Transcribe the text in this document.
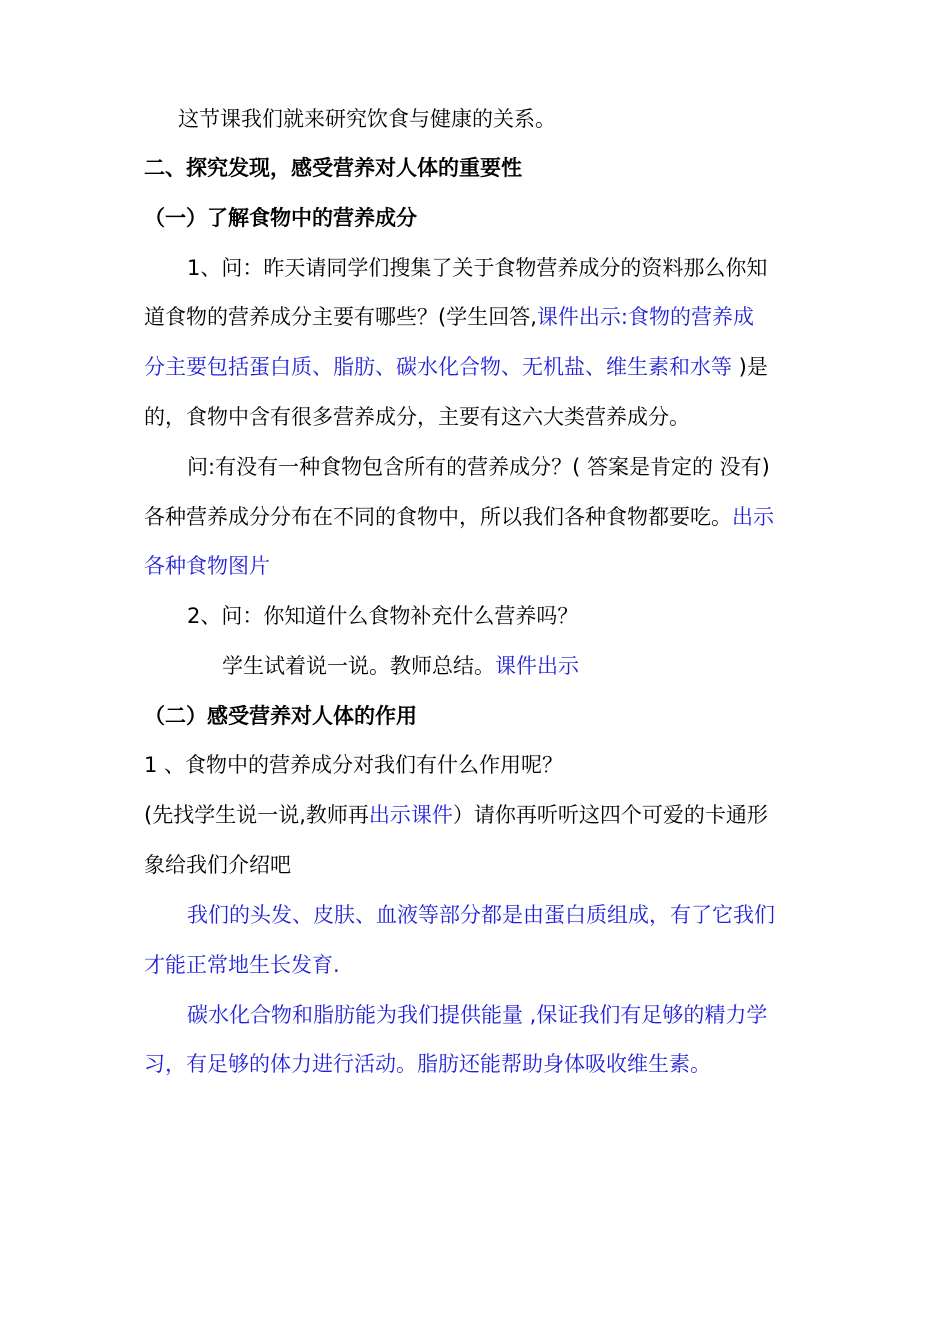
这节课我们就来研究饮食与健康的关系。
二、探究发现，感受营养对人体的重要性
（一）了解食物中的营养成分
1、问：昨天请同学们搜集了关于食物营养成分的资料那么你知
道食物的营养成分主要有哪些？(学生回答,课件出示:食物的营养成
分主要包括蛋白质、脂肪、碳水化合物、无机盐、维生素和水等 )是
的，食物中含有很多营养成分，主要有这六大类营养成分。
问:有没有一种食物包含所有的营养成分？( 答案是肯定的 没有)
各种营养成分分布在不同的食物中，所以我们各种食物都要吃。出示
各种食物图片
2、问：你知道什么食物补充什么营养吗？
学生试着说一说。教师总结。课件出示
（二）感受营养对人体的作用
1 、食物中的营养成分对我们有什么作用呢？
(先找学生说一说,教师再出示课件）请你再听听这四个可爱的卡通形
象给我们介绍吧
我们的头发、皮肤、血液等部分都是由蛋白质组成，有了它我们
才能正常地生长发育.
碳水化合物和脂肪能为我们提供能量 ,保证我们有足够的精力学
习，有足够的体力进行活动。脂肪还能帮助身体吸收维生素。
